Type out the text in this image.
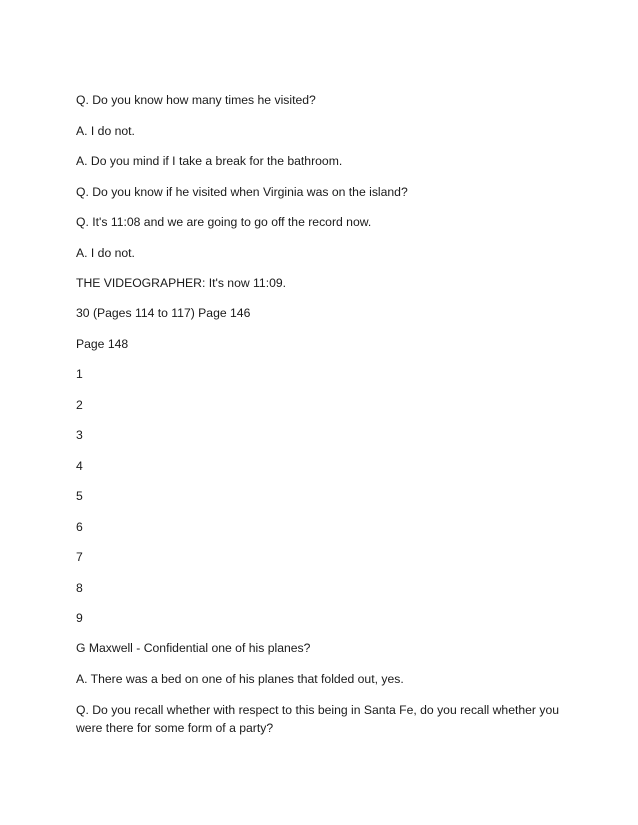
Q. Do you know how many times he visited?
A. I do not.
A. Do you mind if I take a break for the bathroom.
Q. Do you know if he visited when Virginia was on the island?
Q. It's 11:08 and we are going to go off the record now.
A. I do not.
THE VIDEOGRAPHER: It's now 11:09.
30 (Pages 114 to 117) Page 146
Page 148
1
2
3
4
5
6
7
8
9
G Maxwell - Confidential one of his planes?
A. There was a bed on one of his planes that folded out, yes.
Q. Do you recall whether with respect to this being in Santa Fe, do you recall whether you were there for some form of a party?
